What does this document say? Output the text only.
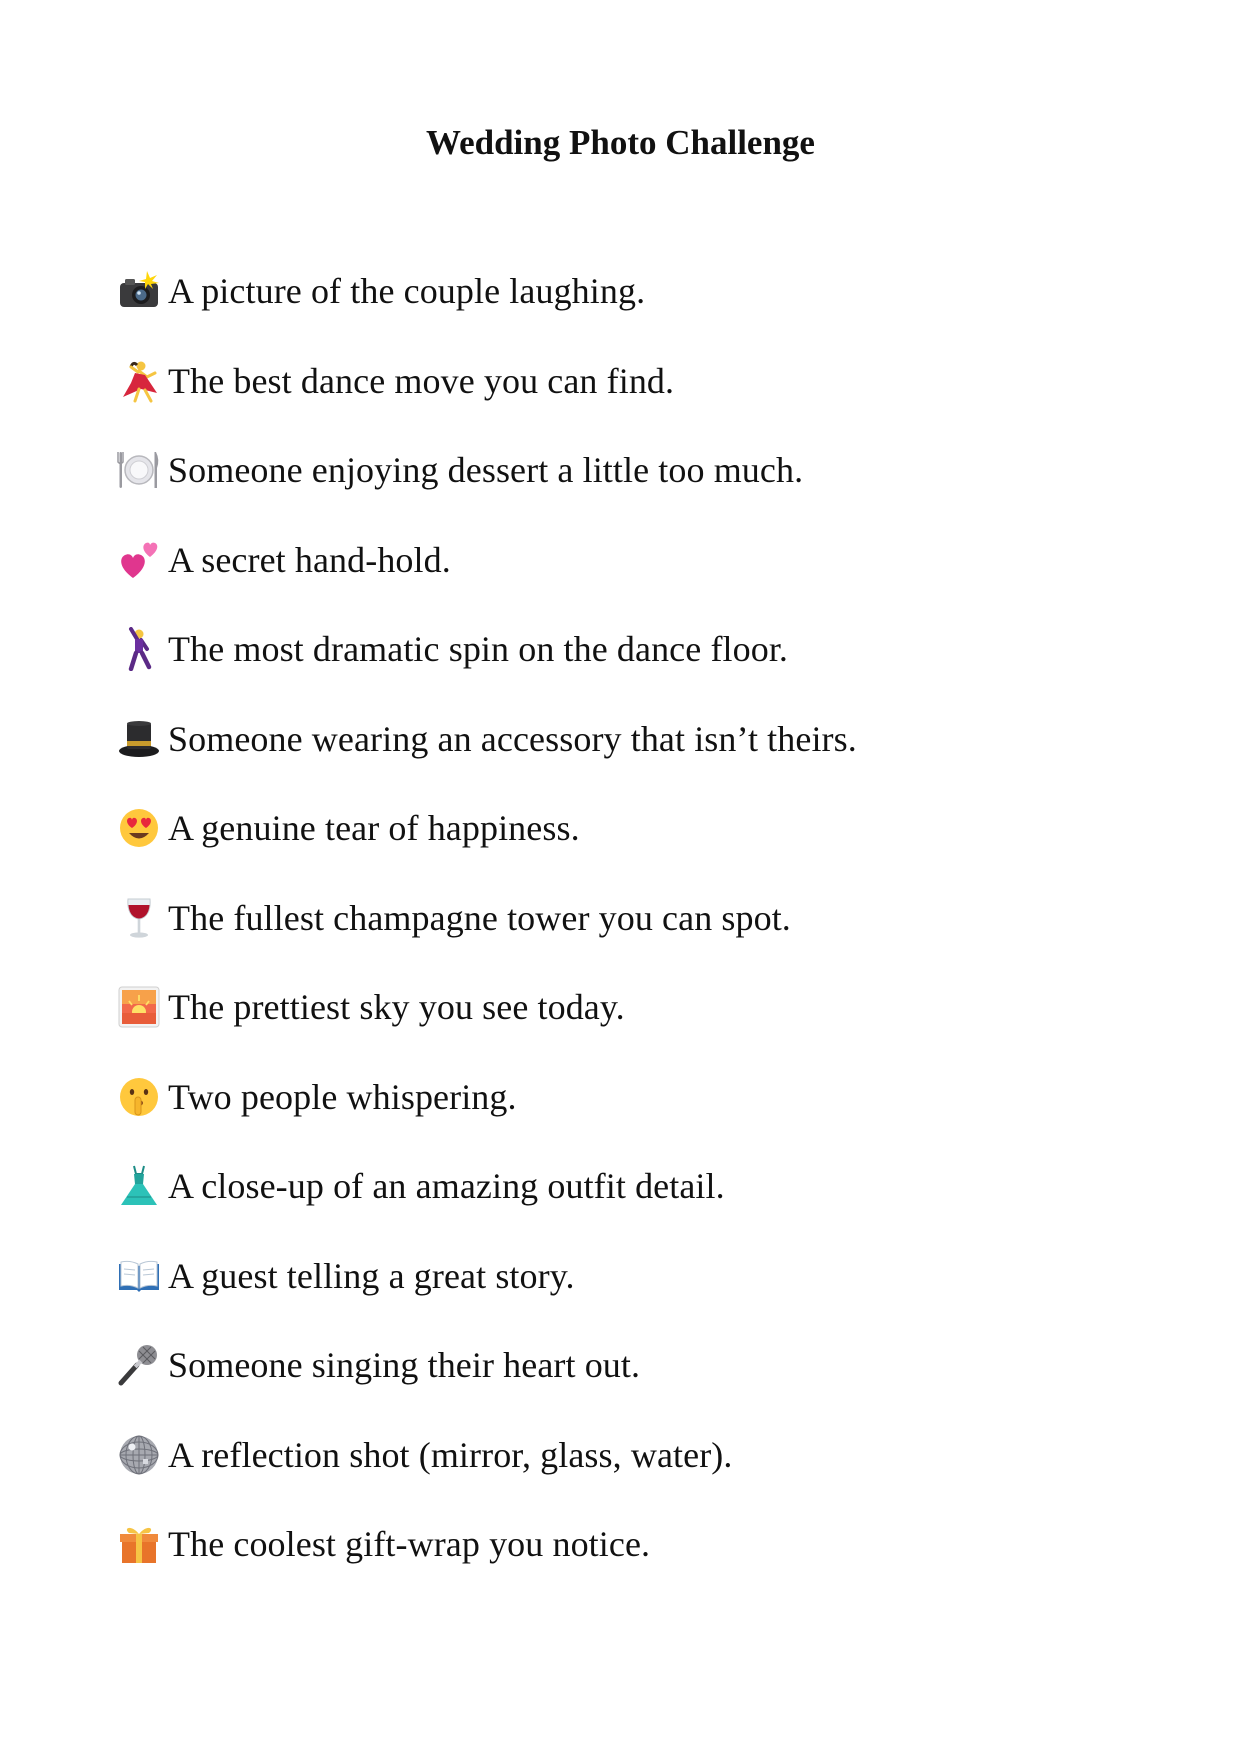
Wedding Photo Challenge
A picture of the couple laughing.
The best dance move you can find.
Someone enjoying dessert a little too much.
A secret hand-hold.
The most dramatic spin on the dance floor.
Someone wearing an accessory that isn’t theirs.
A genuine tear of happiness.
The fullest champagne tower you can spot.
The prettiest sky you see today.
Two people whispering.
A close-up of an amazing outfit detail.
A guest telling a great story.
Someone singing their heart out.
A reflection shot (mirror, glass, water).
The coolest gift-wrap you notice.
